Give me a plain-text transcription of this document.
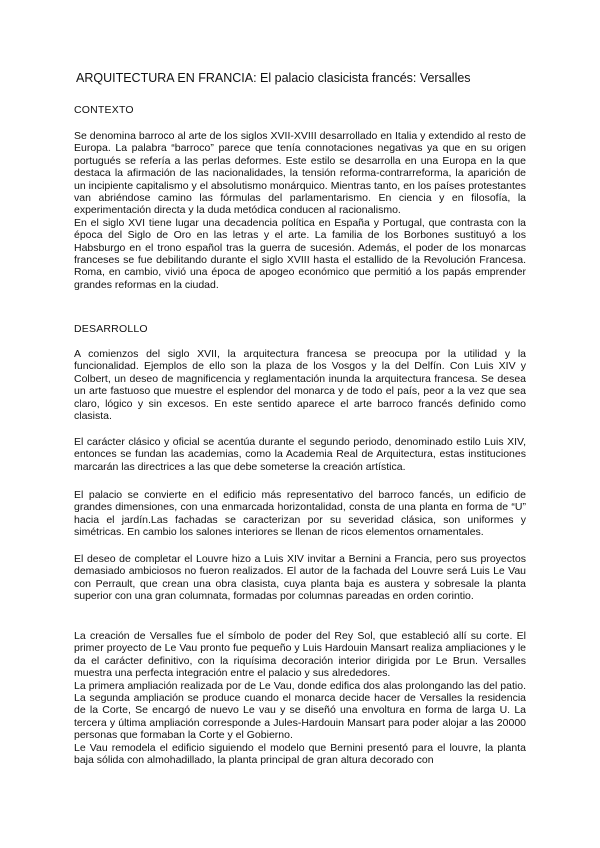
ARQUITECTURA EN FRANCIA: El palacio clasicista francés: Versalles
CONTEXTO

Se denomina barroco al arte de los siglos XVII-XVIII desarrollado en Italia y extendido al resto de Europa. La palabra “barroco” parece que tenía connotaciones negativas ya que en su origen portugués se refería a las perlas deformes. Este estilo se desarrolla en una Europa en la que destaca la afirmación de las nacionalidades, la tensión reforma-contrarreforma, la aparición de un incipiente capitalismo y el absolutismo monárquico. Mientras tanto, en los países protestantes van abriéndose camino las fórmulas del parlamentarismo. En ciencia y en filosofía, la experimentación directa y la duda metódica conducen al racionalismo.

En el siglo XVI tiene lugar una decadencia política en España y Portugal, que contrasta con la época del Siglo de Oro en las letras y el arte. La familia de los Borbones sustituyó a los Habsburgo en el trono español tras la guerra de sucesión. Además, el poder de los monarcas franceses se fue debilitando durante el siglo XVIII hasta el estallido de la Revolución Francesa. Roma, en cambio, vivió una época de apogeo económico que permitió a los papás emprender grandes reformas en la ciudad.

DESARROLLO

A comienzos del siglo XVII, la arquitectura francesa se preocupa por la utilidad y la funcionalidad. Ejemplos de ello son la plaza de los Vosgos y la del Delfín. Con Luis XIV y Colbert, un deseo de magnificencia y reglamentación inunda la arquitectura francesa. Se desea un arte fastuoso que muestre el esplendor del monarca y de todo el país, peor a la vez que sea claro, lógico y sin excesos. En este sentido aparece el arte barroco francés definido como clasista.

El carácter clásico y oficial se acentúa durante el segundo periodo, denominado estilo Luis XIV, entonces se fundan las academias, como la Academia Real de Arquitectura, estas instituciones marcarán las directrices a las que debe someterse la creación artística.

El palacio se convierte en el edificio más representativo del barroco fancés, un edificio de grandes dimensiones, con una enmarcada horizontalidad, consta de una planta en forma de “U” hacia el jardín.Las fachadas se caracterizan por su severidad clásica, son uniformes y simétricas. En cambio los salones interiores se llenan de ricos elementos ornamentales.

El deseo de completar el Louvre hizo a Luis XIV invitar a Bernini a Francia, pero sus proyectos demasiado ambiciosos no fueron realizados. El autor de la fachada del Louvre será Luis Le Vau con Perrault, que crean una obra clasista, cuya planta baja es austera y sobresale la planta superior con una gran columnata, formadas por columnas pareadas en orden corintio.

La creación de Versalles fue el símbolo de poder del Rey Sol, que estableció allí su corte. El primer proyecto de Le Vau pronto fue pequeño y Luis Hardouin Mansart realiza ampliaciones y le da el carácter definitivo, con la riquísima decoración interior dirigida por Le Brun. Versalles muestra una perfecta integración entre el palacio y sus alrededores.

La primera ampliación realizada por de Le Vau, donde edifica dos alas prolongando las del patio. La segunda ampliación se produce cuando el monarca decide hacer de Versalles la residencia de la Corte, Se encargó de nuevo Le vau y se diseñó una envoltura en forma de larga U. La tercera y última ampliación corresponde a Jules-Hardouin Mansart para poder alojar a las 20000 personas que formaban la Corte y el Gobierno.

Le Vau remodela el edificio siguiendo el modelo que Bernini presentó para el louvre, la planta baja sólida con almohadillado, la planta principal de gran altura decorado con
